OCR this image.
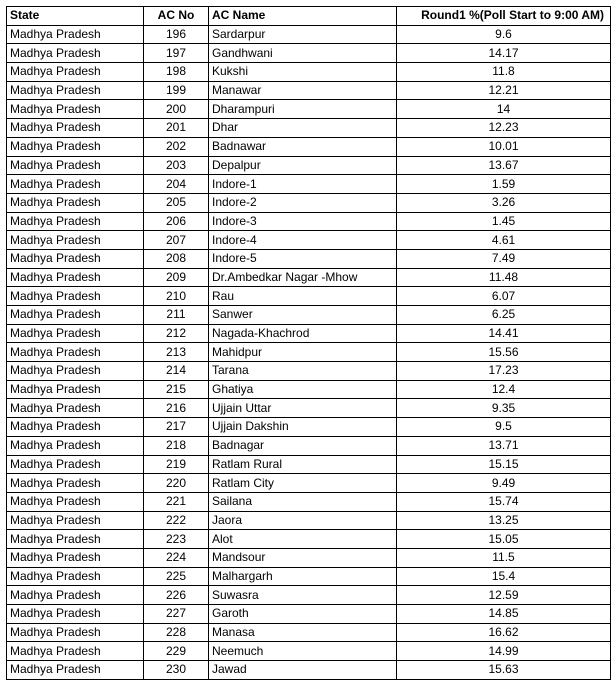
State	AC No	AC Name	Round1 %(Poll Start to 9:00 AM)
Madhya Pradesh	196	Sardarpur	9.6
Madhya Pradesh	197	Gandhwani	14.17
Madhya Pradesh	198	Kukshi	11.8
Madhya Pradesh	199	Manawar	12.21
Madhya Pradesh	200	Dharampuri	14
Madhya Pradesh	201	Dhar	12.23
Madhya Pradesh	202	Badnawar	10.01
Madhya Pradesh	203	Depalpur	13.67
Madhya Pradesh	204	Indore-1	1.59
Madhya Pradesh	205	Indore-2	3.26
Madhya Pradesh	206	Indore-3	1.45
Madhya Pradesh	207	Indore-4	4.61
Madhya Pradesh	208	Indore-5	7.49
Madhya Pradesh	209	Dr.Ambedkar Nagar -Mhow	11.48
Madhya Pradesh	210	Rau	6.07
Madhya Pradesh	211	Sanwer	6.25
Madhya Pradesh	212	Nagada-Khachrod	14.41
Madhya Pradesh	213	Mahidpur	15.56
Madhya Pradesh	214	Tarana	17.23
Madhya Pradesh	215	Ghatiya	12.4
Madhya Pradesh	216	Ujjain Uttar	9.35
Madhya Pradesh	217	Ujjain Dakshin	9.5
Madhya Pradesh	218	Badnagar	13.71
Madhya Pradesh	219	Ratlam Rural	15.15
Madhya Pradesh	220	Ratlam City	9.49
Madhya Pradesh	221	Sailana	15.74
Madhya Pradesh	222	Jaora	13.25
Madhya Pradesh	223	Alot	15.05
Madhya Pradesh	224	Mandsour	11.5
Madhya Pradesh	225	Malhargarh	15.4
Madhya Pradesh	226	Suwasra	12.59
Madhya Pradesh	227	Garoth	14.85
Madhya Pradesh	228	Manasa	16.62
Madhya Pradesh	229	Neemuch	14.99
Madhya Pradesh	230	Jawad	15.63
